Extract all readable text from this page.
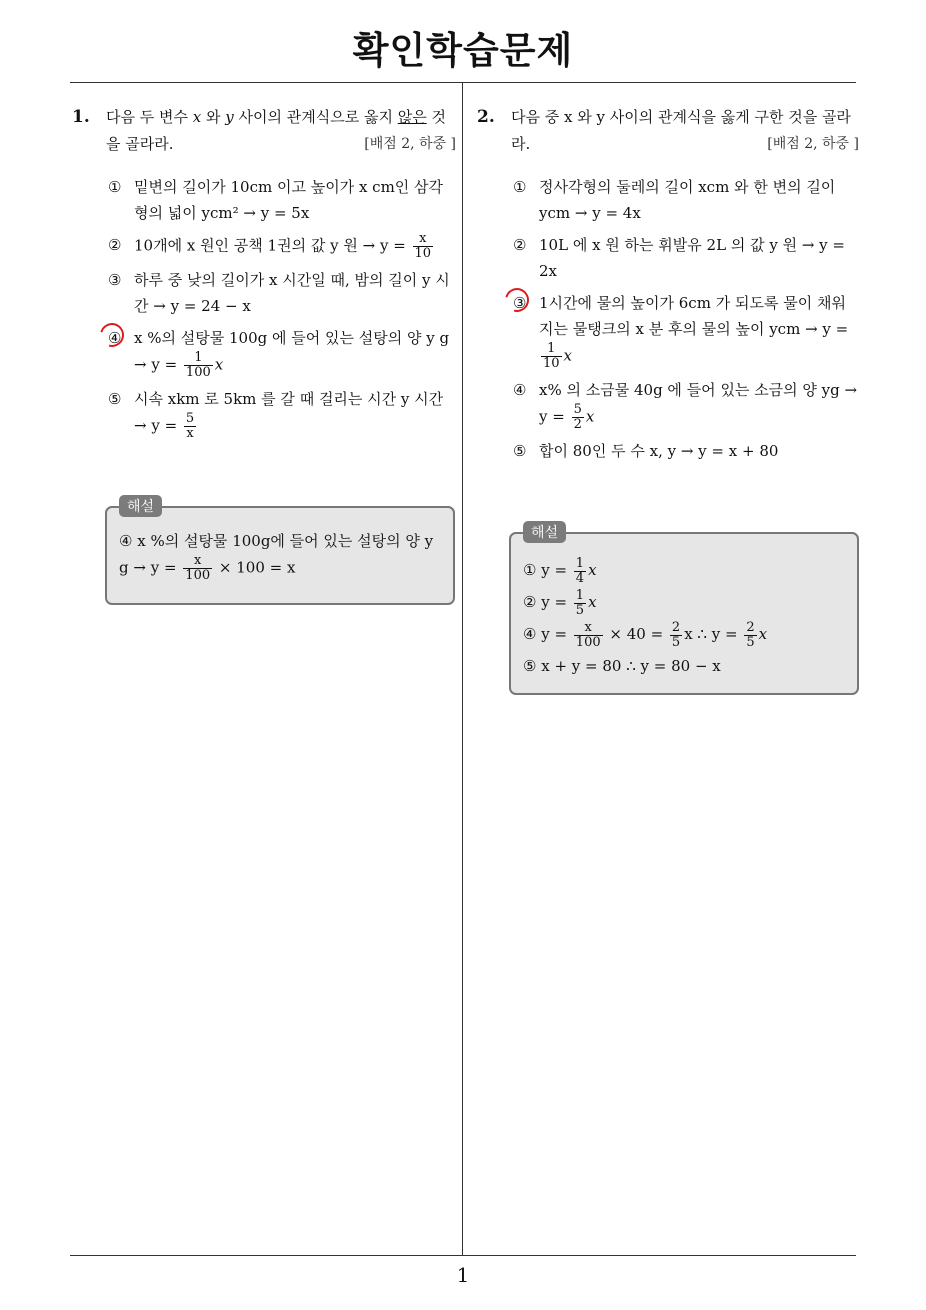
확인학습문제
1. 다음 두 변수 x 와 y 사이의 관계식으로 옳지 않은 것을 골라라.	[배점 2, 하중 ]
① 밑변의 길이가 10cm 이고 높이가 x cm인 삼각형의 넓이 ycm² → y = 5x
② 10개에 x 원인 공책 1권의 값 y 원 → $y = \frac{x}{10}$
③ 하루 중 낮의 길이가 x 시간일 때, 밤의 길이 y 시간 → y = 24 − x
④ x %의 설탕물 100g 에 들어 있는 설탕의 양 y $g \to y = \frac{1}{100}$ x
⑤ 시속 xkm 로 5km 를 갈 때 걸리는 시간 y 시간 → $y = \frac{5}{x}$
해설
④ x %의 설탕물 100g에 들어 있는 설탕의 양 y $g \to y = \frac{x}{100} \times 100 = x$
2. 다음 중 x 와 y 사이의 관계식을 옳게 구한 것을 골라라.	[배점 2, 하중 ]
① 정사각형의 둘레의 길이 xcm 와 한 변의 길이 ycm → y = 4x
② 10L 에 x 원 하는 휘발유 2L 의 값 y 원 → y = 2x
③ 1시간에 물의 높이가 6cm 가 되도록 물이 채워지는 물탱크의 x 분 후의 물의 높이 ycm → y =
$\frac{1}{10}$ x
④ x% 의 소금물 40g 에 들어 있는 소금의 양 yg → $y = \frac{5}{2}$ x
⑤ 합이 80인 두 수 x, y → y = x + 80
해설
① $y = \frac{1}{4}$ x
② $y = \frac{1}{5}$ x
④ $y = \frac{x}{100} \times 40 = \frac{2}{5}$ x ∴ $y = \frac{2}{5}$ x
⑤ x + y = 80 ∴ y = 80 − x
1
